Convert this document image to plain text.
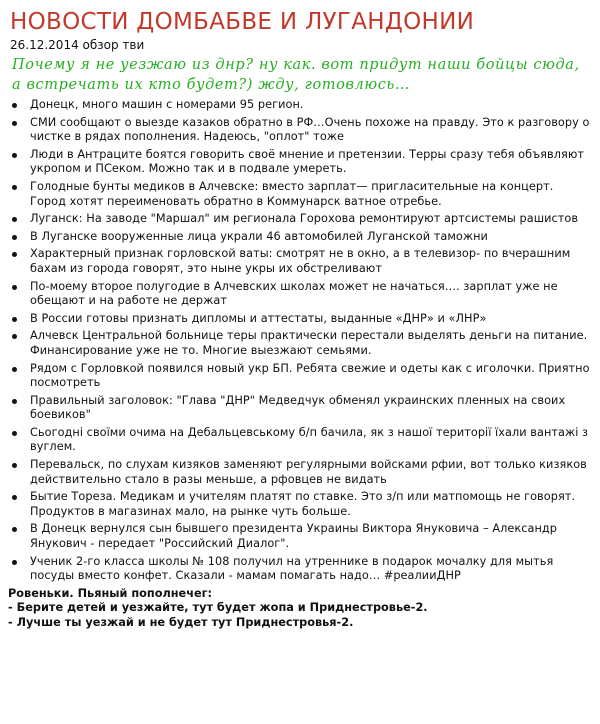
НОВОСТИ ДОМБАБВЕ И ЛУГАНДОНИИ
26.12.2014 обзор тви
Почему я не уезжаю из днр? ну как. вот придут наши бойцы сюда, а встречать их кто будет?) жду, готовлюсь…
Донецк, много машин с номерами 95 регион.
СМИ сообщают о выезде казаков обратно в РФ…Очень похоже на правду. Это к разговору о чистке в рядах пополнения. Надеюсь, "оплот" тоже
Люди в Антраците боятся говорить своё мнение и претензии. Терры сразу тебя объявляют укропом и ПСеком. Можно так и в подвале умереть.
Голодные бунты медиков в Алчевске: вместо зарплат— пригласительные на концерт. Город хотят переименовать обратно в Коммунарск ватное отребье.
Луганск: На заводе "Маршал" им регионала Горохова ремонтируют артсистемы рашистов
В Луганске вооруженные лица украли 46 автомобилей Луганской таможни
Характерный признак горловской ваты: смотрят не в окно, а в телевизор- по вчерашним бахам из города говорят, это ныне укры их обстреливают
По-моему второе полугодие в Алчевских школах может не начаться…. зарплат уже не обещают и на работе не держат
В России готовы признать дипломы и аттестаты, выданные «ДНР» и «ЛНР»
Алчевск Центральной больнице теры практически перестали выделять деньги на питание. Финансирование уже не то. Многие выезжают семьями.
Рядом с Горловкой появился новый укр БП. Ребята свежие и одеты как с иголочки. Приятно посмотреть
Правильный заголовок: "Глава "ДНР" Медведчук обменял украинских пленных на своих боевиков"
Сьогодні своїми очима на Дебальцевському б/п бачила, як з нашої території їхали вантажі з вуглем.
Перевальск, по слухам кизяков заменяют регулярными войсками рфии, вот только кизяков действительно стало в разы меньше, а рфовцев не видать
Бытие Тореза. Медикам и учителям платят по ставке. Это з/п или матпомощь не говорят. Продуктов в магазинах мало, на рынке чуть больше.
В Донецк вернулся сын бывшего президента Украины Виктора Януковича – Александр Янукович - передает "Российский Диалог".
Ученик 2-го класса школы № 108 получил на утреннике в подарок мочалку для мытья посуды вместо конфет. Сказали - мамам помагать надо… #реалииДНР
Ровеньки. Пьяный пополнечег:
- Берите детей и уезжайте, тут будет жопа и Приднестровье-2.
- Лучше ты уезжай и не будет тут Приднестровья-2.
